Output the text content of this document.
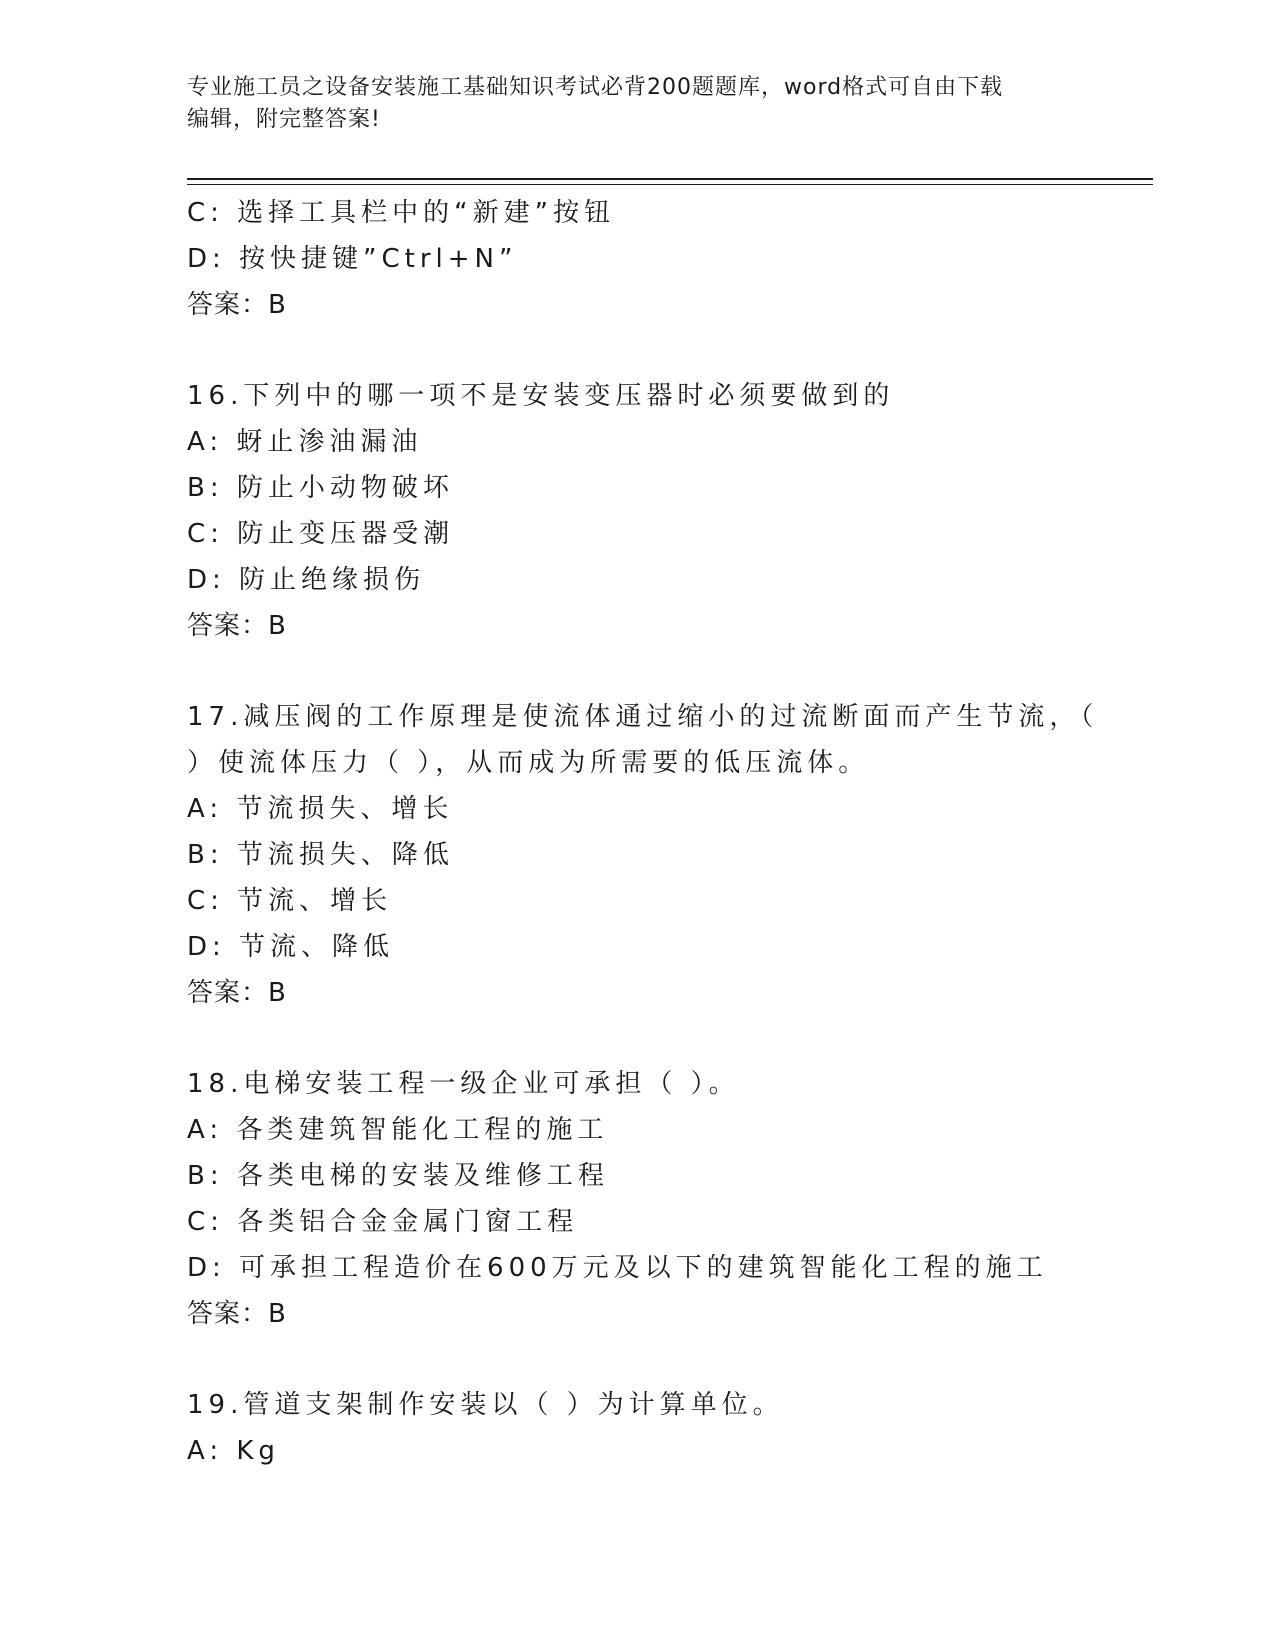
专业施工员之设备安装施工基础知识考试必背200题题库，word格式可自由下载
编辑，附完整答案!
C: 选择工具栏中的“新建”按钮
D: 按快捷键”Ctrl+N”
答案：B
16.下列中的哪一项不是安装变压器时必须要做到的
A: 蚜止渗油漏油
B: 防止小动物破坏
C: 防止变压器受潮
D: 防止绝缘损伤
答案：B
17.减压阀的工作原理是使流体通过缩小的过流断面而产生节流，（
）使流体压力（ ），从而成为所需要的低压流体。
A: 节流损失、增长
B: 节流损失、降低
C: 节流、增长
D: 节流、降低
答案：B
18.电梯安装工程一级企业可承担（ ）。
A: 各类建筑智能化工程的施工
B: 各类电梯的安装及维修工程
C: 各类铝合金金属门窗工程
D: 可承担工程造价在600万元及以下的建筑智能化工程的施工
答案：B
19.管道支架制作安装以（ ）为计算单位。
A: Kg
